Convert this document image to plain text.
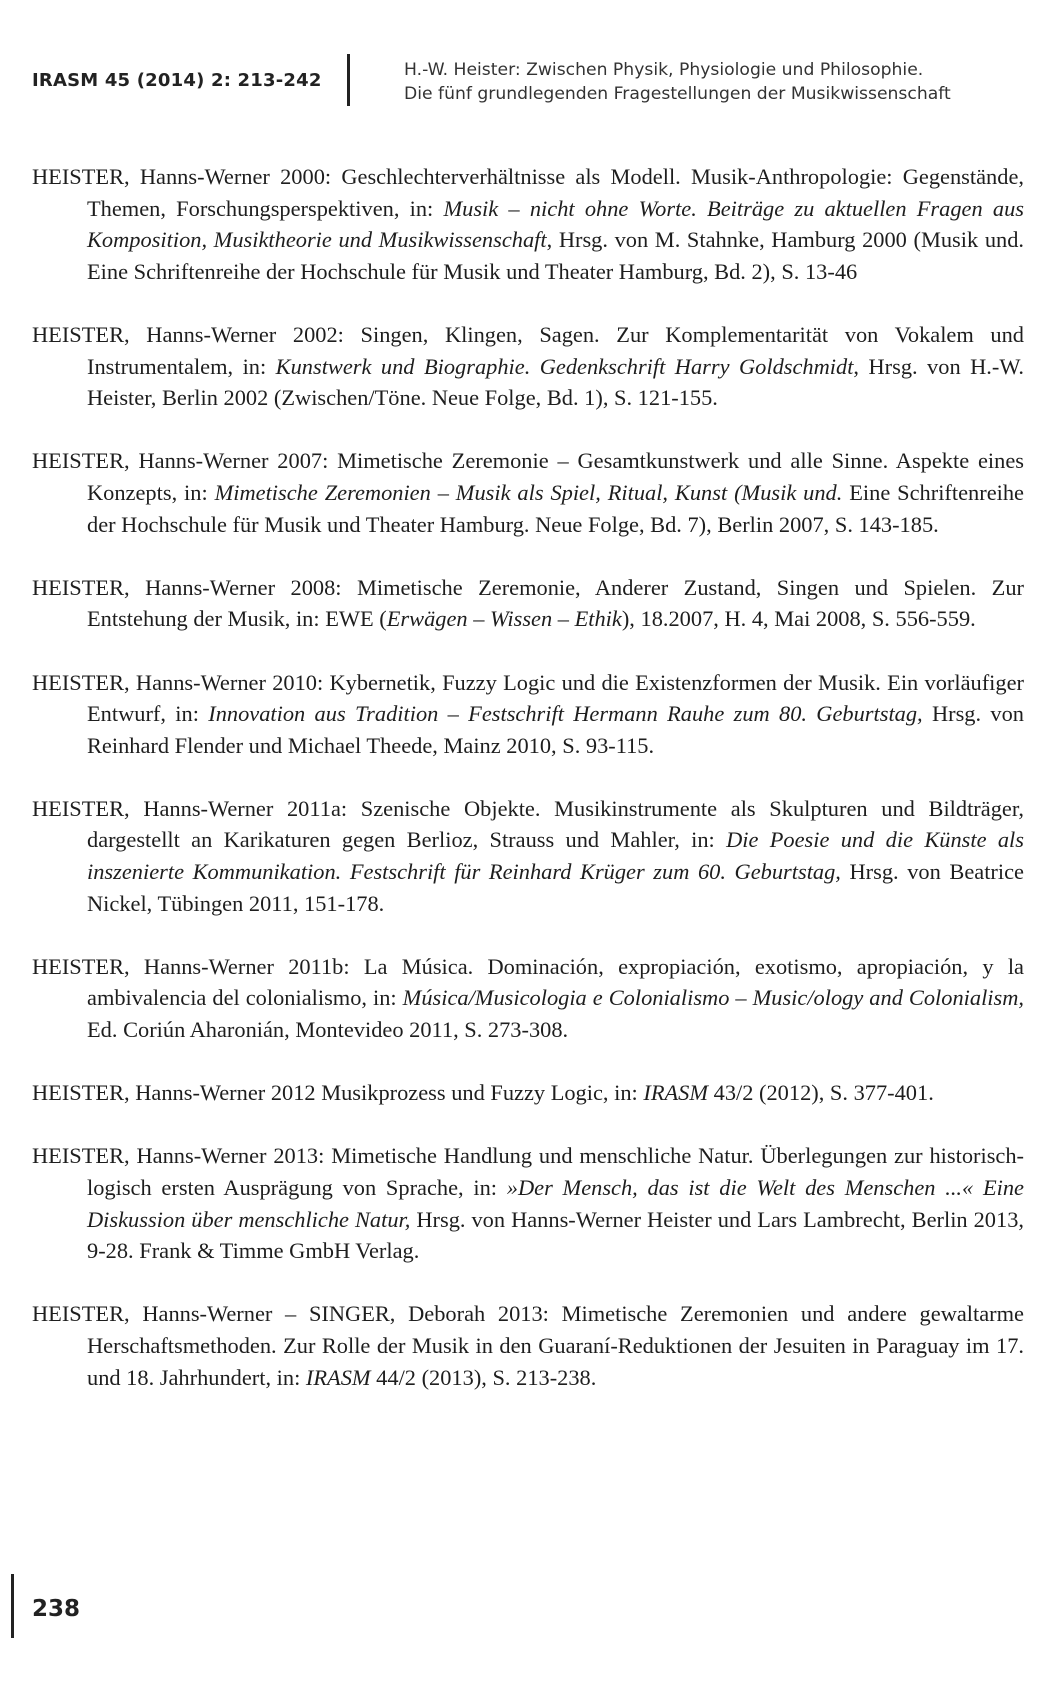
IRASM 45 (2014) 2: 213-242	H.-W. Heister: Zwischen Physik, Physiologie und Philosophie.
Die fünf grundlegenden Fragestellungen der Musikwissenschaft

HEISTER, Hanns-Werner 2000: Geschlechterverhältnisse als Modell. Musik-Anthropologie: Gegenstände, Themen, Forschungsperspektiven, in: Musik – nicht ohne Worte. Beiträge zu aktuellen Fragen aus Komposition, Musiktheorie und Musikwissenschaft, Hrsg. von M. Stahnke, Hamburg 2000 (Musik und. Eine Schriftenreihe der Hochschule für Musik und Theater Hamburg, Bd. 2), S. 13-46

HEISTER, Hanns-Werner 2002: Singen, Klingen, Sagen. Zur Komplementarität von Vokalem und Instrumentalem, in: Kunstwerk und Biographie. Gedenkschrift Harry Goldschmidt, Hrsg. von H.-W. Heister, Berlin 2002 (Zwischen/Töne. Neue Folge, Bd. 1), S. 121-155.

HEISTER, Hanns-Werner 2007: Mimetische Zeremonie – Gesamtkunstwerk und alle Sinne. Aspekte eines Konzepts, in: Mimetische Zeremonien – Musik als Spiel, Ritual, Kunst (Musik und. Eine Schriftenreihe der Hochschule für Musik und Theater Hamburg. Neue Folge, Bd. 7), Berlin 2007, S. 143-185.

HEISTER, Hanns-Werner 2008: Mimetische Zeremonie, Anderer Zustand, Singen und Spielen. Zur Entstehung der Musik, in: EWE (Erwägen – Wissen – Ethik), 18.2007, H. 4, Mai 2008, S. 556-559.

HEISTER, Hanns-Werner 2010: Kybernetik, Fuzzy Logic und die Existenzformen der Musik. Ein vorläufiger Entwurf, in: Innovation aus Tradition – Festschrift Hermann Rauhe zum 80. Geburtstag, Hrsg. von Reinhard Flender und Michael Theede, Mainz 2010, S. 93-115.

HEISTER, Hanns-Werner 2011a: Szenische Objekte. Musikinstrumente als Skulpturen und Bildträger, dargestellt an Karikaturen gegen Berlioz, Strauss und Mahler, in: Die Poesie und die Künste als inszenierte Kommunikation. Festschrift für Reinhard Krüger zum 60. Geburtstag, Hrsg. von Beatrice Nickel, Tübingen 2011, 151-178.

HEISTER, Hanns-Werner 2011b: La Música. Dominación, expropiación, exotismo, apropiación, y la ambivalencia del colonialismo, in: Música/Musicologia e Colonialismo – Music/ology and Colonialism, Ed. Coriún Aharonián, Montevideo 2011, S. 273-308.

HEISTER, Hanns-Werner 2012 Musikprozess und Fuzzy Logic, in: IRASM 43/2 (2012), S. 377-401.

HEISTER, Hanns-Werner 2013: Mimetische Handlung und menschliche Natur. Überlegungen zur historisch-logisch ersten Ausprägung von Sprache, in: »Der Mensch, das ist die Welt des Menschen ...« Eine Diskussion über menschliche Natur, Hrsg. von Hanns-Werner Heister und Lars Lambrecht, Berlin 2013, 9-28. Frank & Timme GmbH Verlag.

HEISTER, Hanns-Werner – SINGER, Deborah 2013: Mimetische Zeremonien und andere gewaltarme Herschaftsmethoden. Zur Rolle der Musik in den Guaraní-Reduktionen der Jesuiten in Paraguay im 17. und 18. Jahrhundert, in: IRASM 44/2 (2013), S. 213-238.

238
